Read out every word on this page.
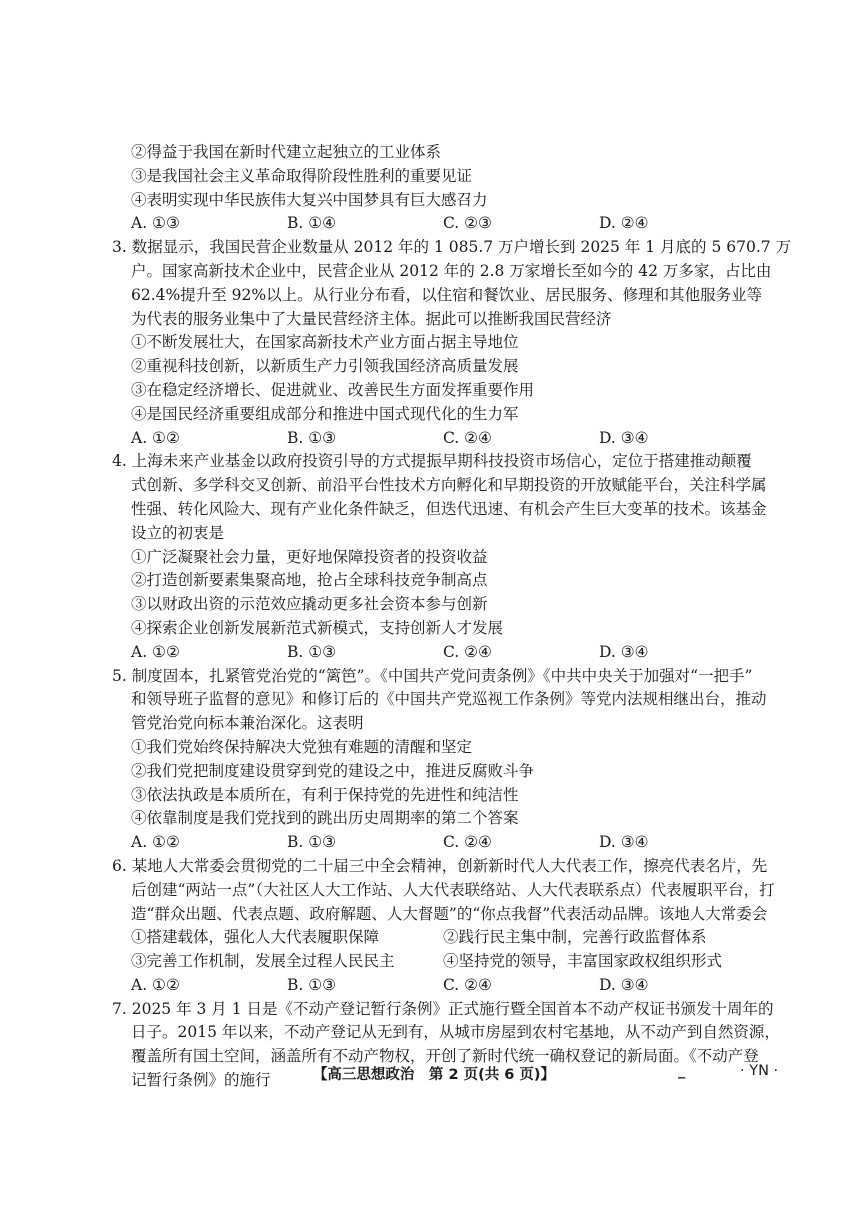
②得益于我国在新时代建立起独立的工业体系
③是我国社会主义革命取得阶段性胜利的重要见证
④表明实现中华民族伟大复兴中国梦具有巨大感召力
A. ①③	B. ①④	C. ②③	D. ②④
3. 数据显示，我国民营企业数量从 2012 年的 1 085.7 万户增长到 2025 年 1 月底的 5 670.7 万
户。国家高新技术企业中，民营企业从 2012 年的 2.8 万家增长至如今的 42 万多家，占比由
62.4%提升至 92%以上。从行业分布看，以住宿和餐饮业、居民服务、修理和其他服务业等
为代表的服务业集中了大量民营经济主体。据此可以推断我国民营经济
①不断发展壮大，在国家高新技术产业方面占据主导地位
②重视科技创新，以新质生产力引领我国经济高质量发展
③在稳定经济增长、促进就业、改善民生方面发挥重要作用
④是国民经济重要组成部分和推进中国式现代化的生力军
A. ①②	B. ①③	C. ②④	D. ③④
4. 上海未来产业基金以政府投资引导的方式提振早期科技投资市场信心，定位于搭建推动颠覆
式创新、多学科交叉创新、前沿平台性技术方向孵化和早期投资的开放赋能平台，关注科学属
性强、转化风险大、现有产业化条件缺乏，但迭代迅速、有机会产生巨大变革的技术。该基金
设立的初衷是
①广泛凝聚社会力量，更好地保障投资者的投资收益
②打造创新要素集聚高地，抢占全球科技竞争制高点
③以财政出资的示范效应撬动更多社会资本参与创新
④探索企业创新发展新范式新模式，支持创新人才发展
A. ①②	B. ①③	C. ②④	D. ③④
5. 制度固本，扎紧管党治党的“篱笆”。《中国共产党问责条例》《中共中央关于加强对“一把手”
和领导班子监督的意见》和修订后的《中国共产党巡视工作条例》等党内法规相继出台，推动
管党治党向标本兼治深化。这表明
①我们党始终保持解决大党独有难题的清醒和坚定
②我们党把制度建设贯穿到党的建设之中，推进反腐败斗争
③依法执政是本质所在，有利于保持党的先进性和纯洁性
④依靠制度是我们党找到的跳出历史周期率的第二个答案
A. ①②	B. ①③	C. ②④	D. ③④
6. 某地人大常委会贯彻党的二十届三中全会精神，创新新时代人大代表工作，擦亮代表名片，先
后创建“两站一点”（大社区人大工作站、人大代表联络站、人大代表联系点）代表履职平台，打
造“群众出题、代表点题、政府解题、人大督题”的“你点我督”代表活动品牌。该地人大常委会
①搭建载体，强化人大代表履职保障	②践行民主集中制，完善行政监督体系
③完善工作机制，发展全过程人民民主	④坚持党的领导，丰富国家政权组织形式
A. ①②	B. ①③	C. ②④	D. ③④
7. 2025 年 3 月 1 日是《不动产登记暂行条例》正式施行暨全国首本不动产权证书颁发十周年的
日子。2015 年以来，不动产登记从无到有，从城市房屋到农村宅基地，从不动产到自然资源，
覆盖所有国土空间，涵盖所有不动产物权，开创了新时代统一确权登记的新局面。《不动产登
记暂行条例》的施行	【高三思想政治　第 2 页(共 6 页)】	_	· YN ·
